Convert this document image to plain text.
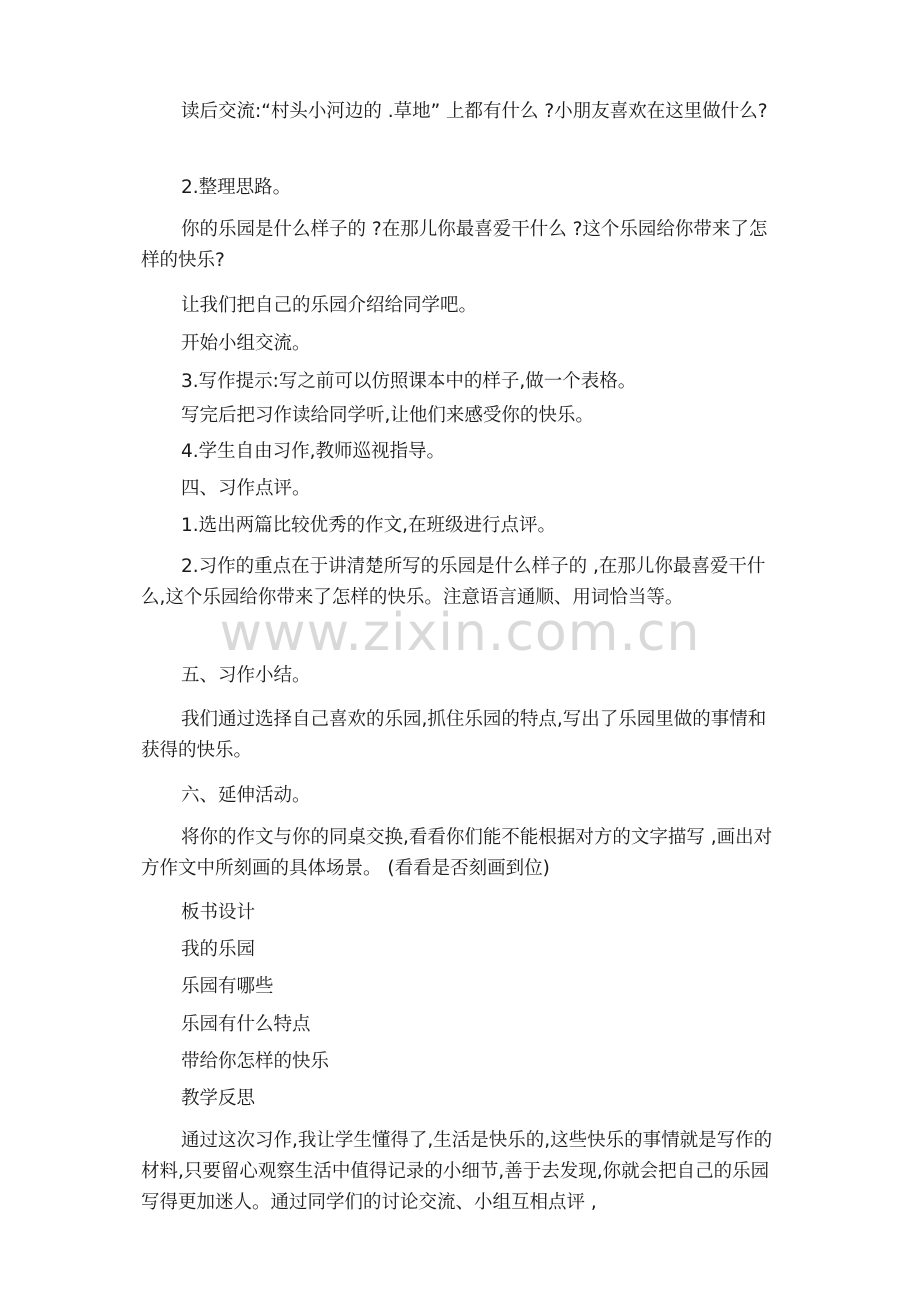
读后交流:“村头小河边的 .草地” 上都有什么 ?小朋友喜欢在这里做什么?

2.整理思路。

你的乐园是什么样子的 ?在那儿你最喜爱干什么 ?这个乐园给你带来了怎样的快乐?

让我们把自己的乐园介绍给同学吧。

开始小组交流。

3.写作提示:写之前可以仿照课本中的样子,做一个表格。

写完后把习作读给同学听,让他们来感受你的快乐。

4.学生自由习作,教师巡视指导。

四、习作点评。

1.选出两篇比较优秀的作文,在班级进行点评。

2.习作的重点在于讲清楚所写的乐园是什么样子的 ,在那儿你最喜爱干什么,这个乐园给你带来了怎样的快乐。注意语言通顺、用词恰当等。

五、习作小结。

我们通过选择自己喜欢的乐园,抓住乐园的特点,写出了乐园里做的事情和获得的快乐。

六、延伸活动。

将你的作文与你的同桌交换,看看你们能不能根据对方的文字描写 ,画出对方作文中所刻画的具体场景。 (看看是否刻画到位)

板书设计

我的乐园

乐园有哪些

乐园有什么特点

带给你怎样的快乐

教学反思

通过这次习作,我让学生懂得了,生活是快乐的,这些快乐的事情就是写作的材料,只要留心观察生活中值得记录的小细节,善于去发现,你就会把自己的乐园写得更加迷人。通过同学们的讨论交流、小组互相点评 ,

www.zixin.com.cn
